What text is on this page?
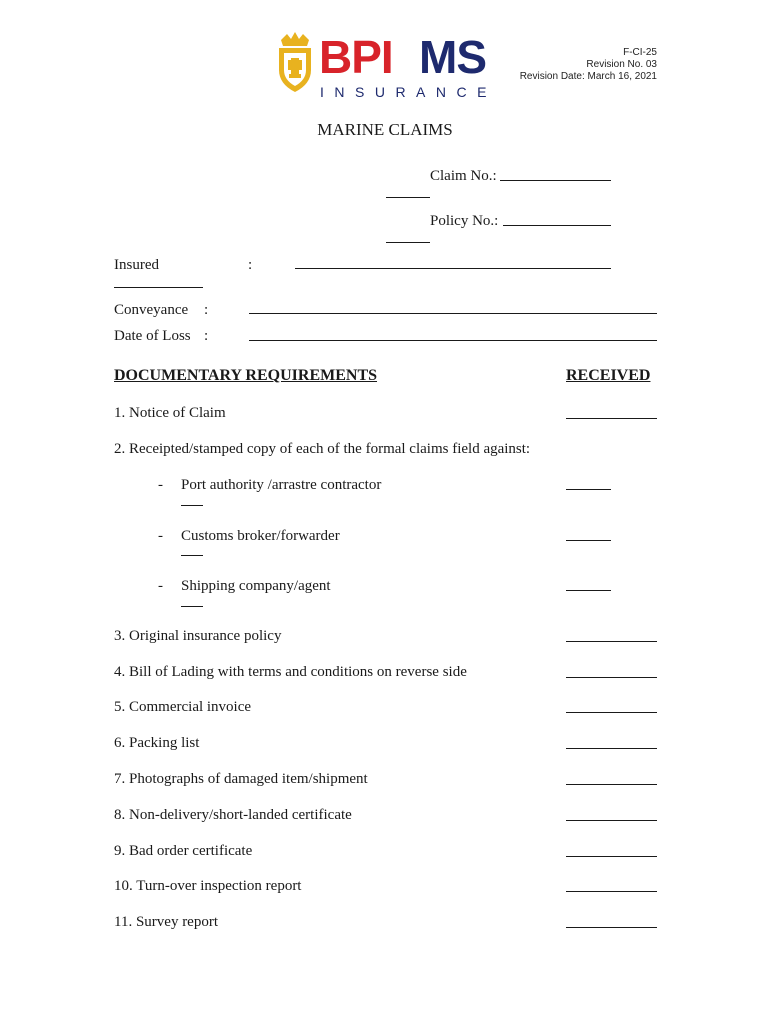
BPI MS
INSURANCE
F-CI-25
Revision No. 03
Revision Date: March 16, 2021
MARINE CLAIMS
Claim No.:
Policy No.:
Insured	:
Conveyance :
Date of Loss :
DOCUMENTARY REQUIREMENTS	RECEIVED
1. Notice of Claim
2. Receipted/stamped copy of each of the formal claims field against:
- Port authority /arrastre contractor
- Customs broker/forwarder
- Shipping company/agent
3. Original insurance policy
4. Bill of Lading with terms and conditions on reverse side
5. Commercial invoice
6. Packing list
7. Photographs of damaged item/shipment
8. Non-delivery/short-landed certificate
9. Bad order certificate
10. Turn-over inspection report
11. Survey report
